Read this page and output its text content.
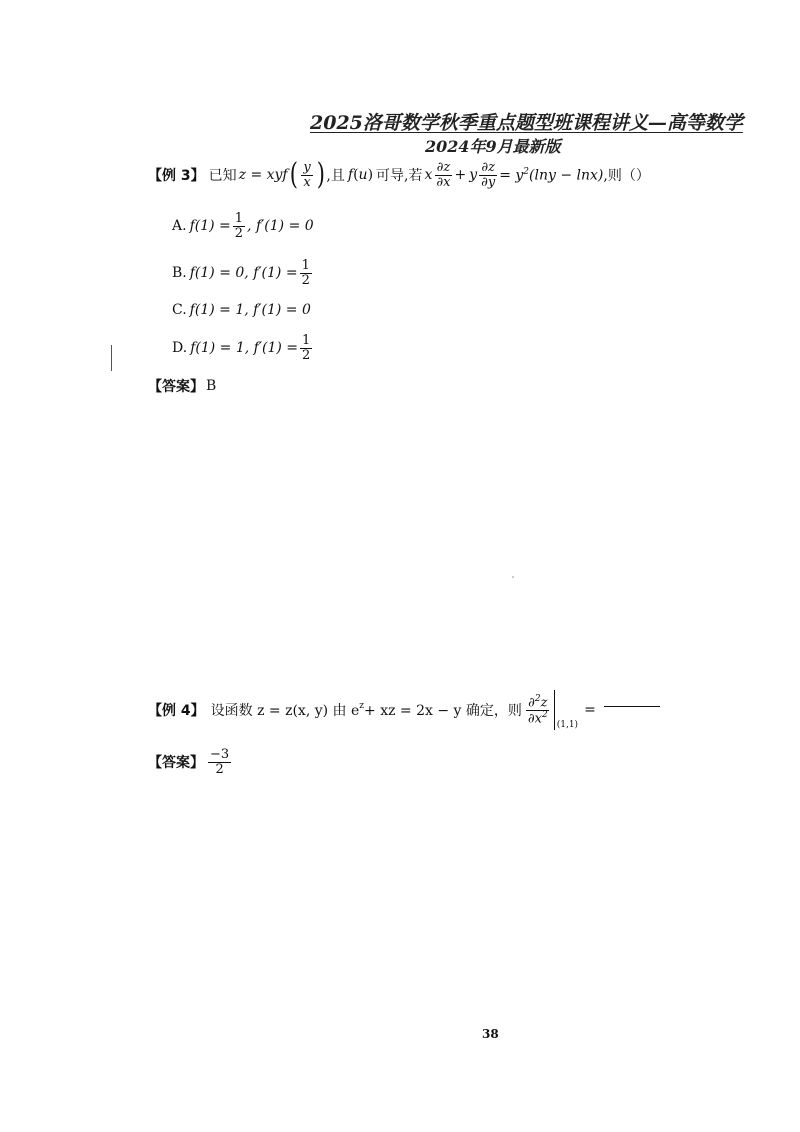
2025洛哥数学秋季重点题型班课程讲义—高等数学
2024年9月最新版
【例 3】 已知 z = xyf ( $\frac{y}{x}$ ) ,且 f ( u ) 可导,若 x $\frac{\partial z}{\partial x} + y \frac{\partial z}{\partial y} = y^2(\ln y - \ln x)$ ,则（）
A. $f(1) = \frac{1}{2}$ , f′(1) = 0
B. f(1) = 0, $f'(1) = \frac{1}{2}$
C. f(1) = 1, f′(1) = 0
D. f(1) = 1, $f'(1) = \frac{1}{2}$
【答案】 B
【例 4】 设函数 z = z(x, y) 由 $e^z$ + xz = 2x − y 确定，则 $\frac{\partial^2z}{\partial x^2} (1,1)$
=
【答案】 $\frac{-3}{2}$
38
